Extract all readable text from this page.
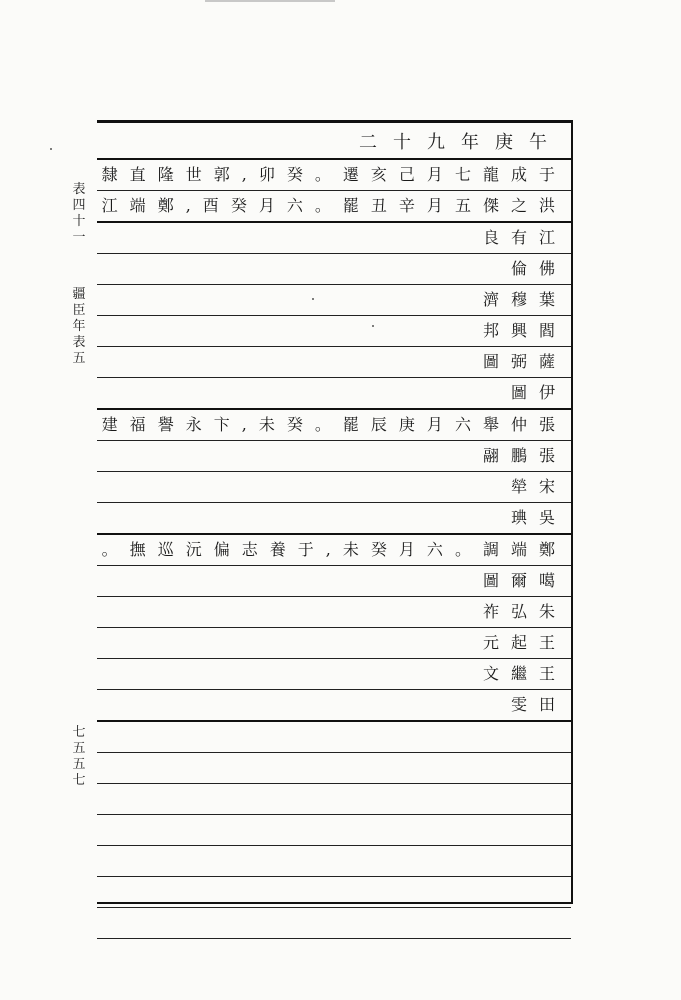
表
四
十
一
疆
臣
年
表
五
七
五
五
七
二十九年庚午
隸直隆世郭,卯癸。遷亥己月七龍成于
江端鄭,酉癸月六。罷丑辛月五傑之洪
良有江
倫佛
濟穆葉
邦興閻
圖弼薩
圖伊
建福譽永卞,未癸。罷辰庚月六舉仲張
翮鵬張
犖宋
琠吳
。撫巡沅偏志養于,未癸月六。調端鄭
圖爾噶
祚弘朱
元起王
文繼王
雯田
